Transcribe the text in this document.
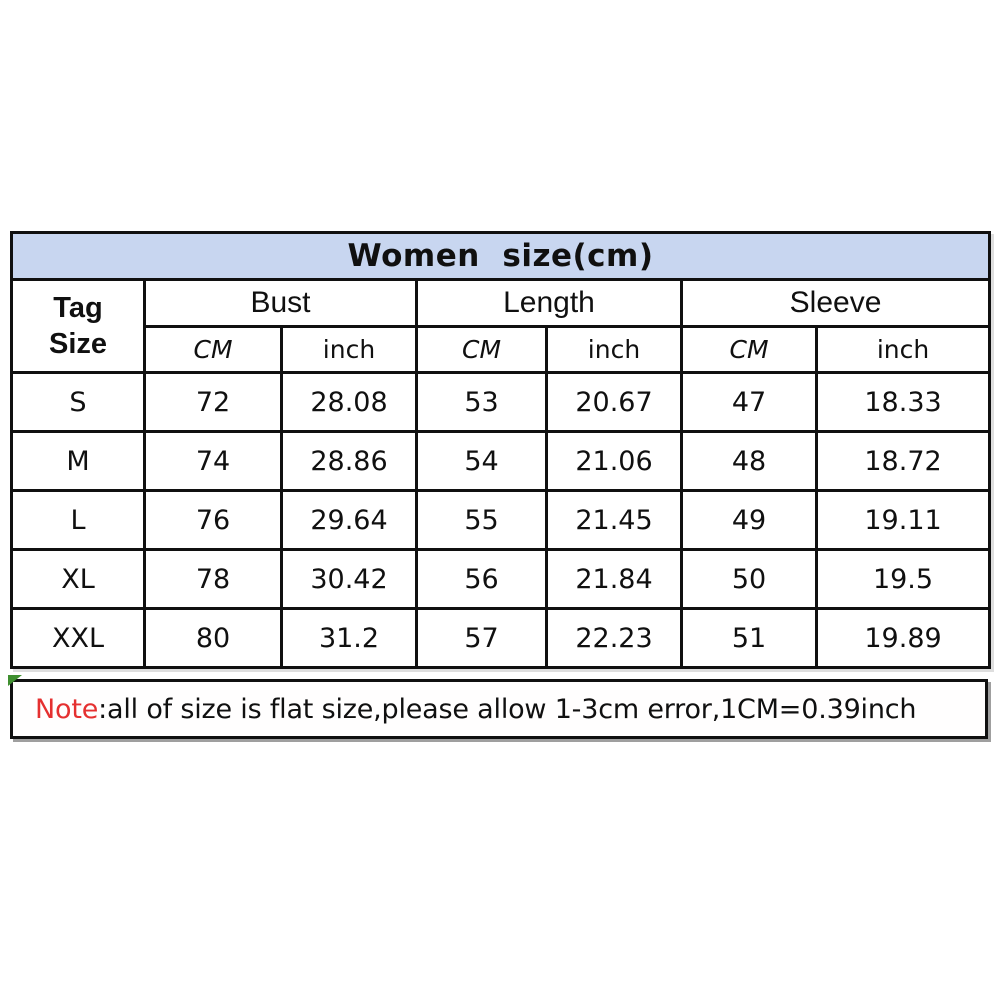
Women  size(cm)						

Tag
Size	Bust		Length		Sleeve	
	CM	inch	CM	inch	CM	inch
S	72	28.08	53	20.67	47	18.33
M	74	28.86	54	21.06	48	18.72
L	76	29.64	55	21.45	49	19.11
XL	78	30.42	56	21.84	50	19.5
XXL	80	31.2	57	22.23	51	19.89
Note : all of size is flat size,please allow 1-3cm error,1CM=0.39inch
